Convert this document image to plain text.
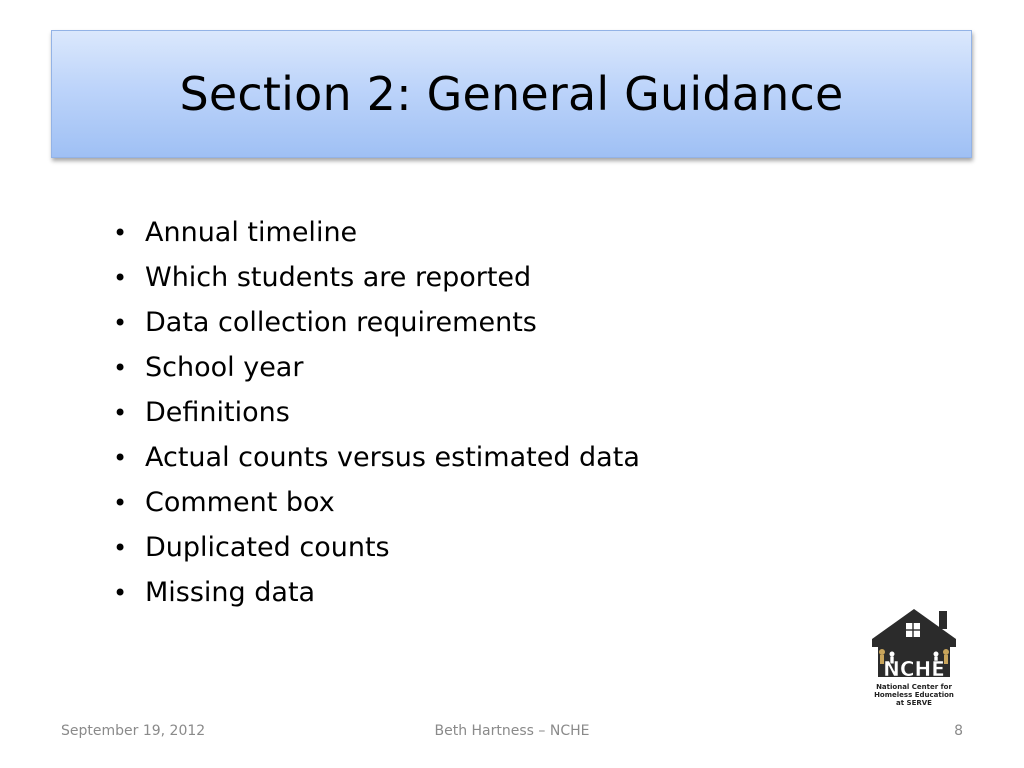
Section 2: General Guidance
• Annual timeline
• Which students are reported
• Data collection requirements
• School year
• Definitions
• Actual counts versus estimated data
• Comment box
• Duplicated counts
• Missing data
NCHE
National Center for
Homeless Education
at SERVE
September 19, 2012	Beth Hartness – NCHE	8
